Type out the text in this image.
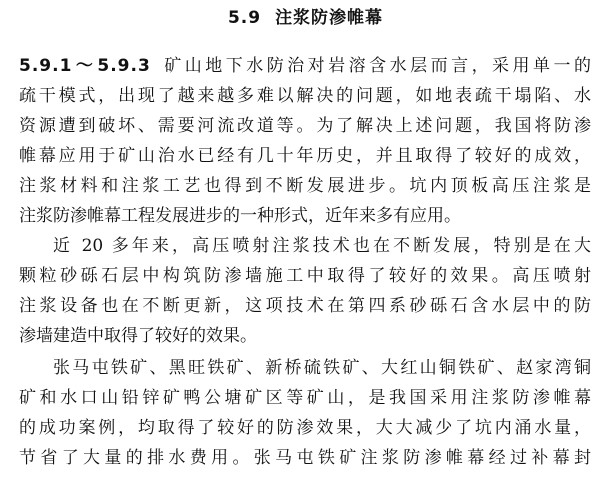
5.9 注浆防渗帷幕
5.9.1～5.9.3 矿山地下水防治对岩溶含水层而言，采用单一的
疏干模式，出现了越来越多难以解决的问题，如地表疏干塌陷、水
资源遭到破坏、需要河流改道等。为了解决上述问题，我国将防渗
帷幕应用于矿山治水已经有几十年历史，并且取得了较好的成效，
注浆材料和注浆工艺也得到不断发展进步。坑内顶板高压注浆是
注浆防渗帷幕工程发展进步的一种形式，近年来多有应用。
近 20 多年来，高压喷射注浆技术也在不断发展，特别是在大
颗粒砂砾石层中构筑防渗墙施工中取得了较好的效果。高压喷射
注浆设备也在不断更新，这项技术在第四系砂砾石含水层中的防
渗墙建造中取得了较好的效果。
张马屯铁矿、黑旺铁矿、新桥硫铁矿、大红山铜铁矿、赵家湾铜
矿和水口山铅锌矿鸭公塘矿区等矿山，是我国采用注浆防渗帷幕
的成功案例，均取得了较好的防渗效果，大大减少了坑内涌水量，
节省了大量的排水费用。张马屯铁矿注浆防渗帷幕经过补幕封
